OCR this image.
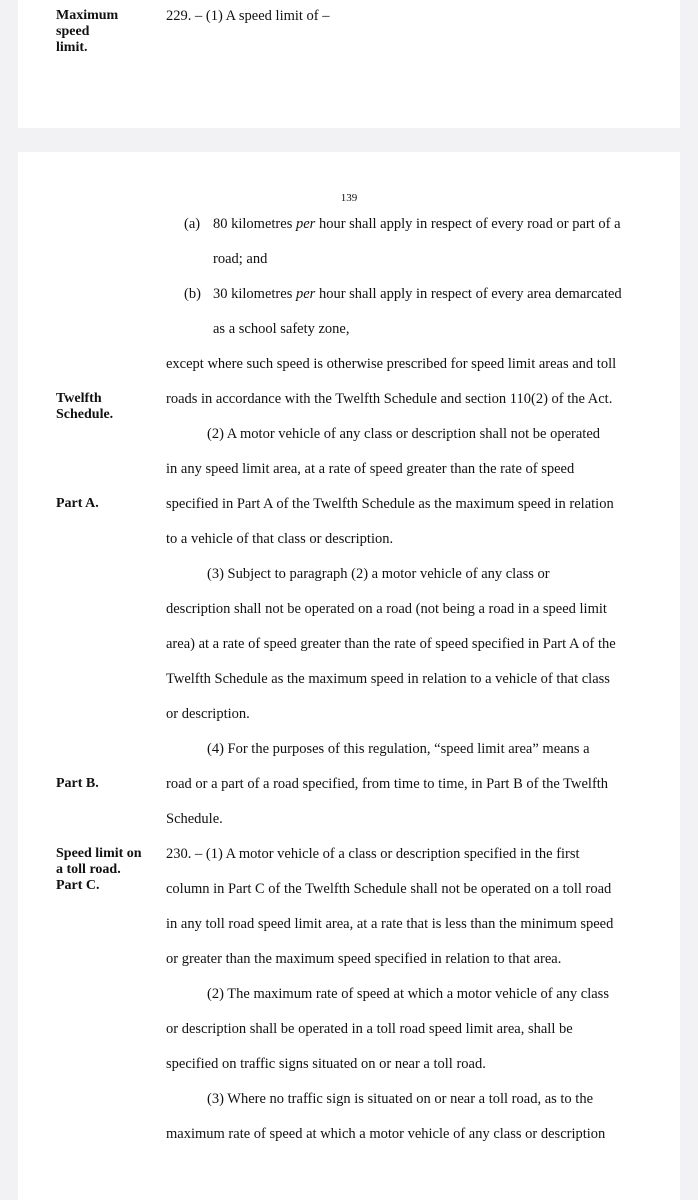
Maximum
speed
limit.
229. – (1) A speed limit of –
139
(a) 80 kilometres per hour shall apply in respect of every road or part of a
road; and
(b) 30 kilometres per hour shall apply in respect of every area demarcated
as a school safety zone,
except where such speed is otherwise prescribed for speed limit areas and toll
roads in accordance with the Twelfth Schedule and section 110(2) of the Act.
Twelfth
Schedule.
(2) A motor vehicle of any class or description shall not be operated
in any speed limit area, at a rate of speed greater than the rate of speed
specified in Part A of the Twelfth Schedule as the maximum speed in relation
Part A.
to a vehicle of that class or description.
(3) Subject to paragraph (2) a motor vehicle of any class or
description shall not be operated on a road (not being a road in a speed limit
area) at a rate of speed greater than the rate of speed specified in Part A of the
Twelfth Schedule as the maximum speed in relation to a vehicle of that class
or description.
(4) For the purposes of this regulation, “speed limit area” means a
road or a part of a road specified, from time to time, in Part B of the Twelfth
Part B.
Schedule.
Speed limit on
a toll road.
Part C.
230. – (1) A motor vehicle of a class or description specified in the first
column in Part C of the Twelfth Schedule shall not be operated on a toll road
in any toll road speed limit area, at a rate that is less than the minimum speed
or greater than the maximum speed specified in relation to that area.
(2) The maximum rate of speed at which a motor vehicle of any class
or description shall be operated in a toll road speed limit area, shall be
specified on traffic signs situated on or near a toll road.
(3) Where no traffic sign is situated on or near a toll road, as to the
maximum rate of speed at which a motor vehicle of any class or description
